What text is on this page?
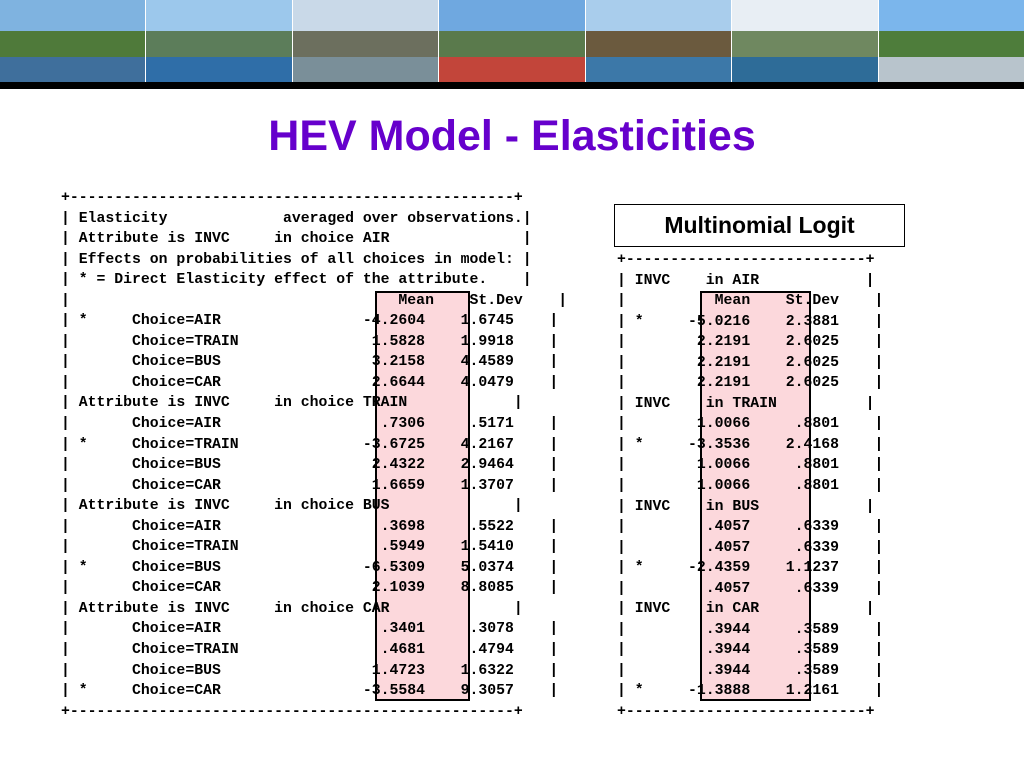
HEV Model - Elasticities
+--------------------------------------------------+
| Elasticity             averaged over observations.|
| Attribute is INVC     in choice AIR               |
| Effects on probabilities of all choices in model: |
| * = Direct Elasticity effect of the attribute.    |
|                                     Mean    St.Dev    |
| *     Choice=AIR                -4.2604    1.6745    |
|       Choice=TRAIN               1.5828    1.9918    |
|       Choice=BUS                 3.2158    4.4589    |
|       Choice=CAR                 2.6644    4.0479    |
| Attribute is INVC     in choice TRAIN            |
|       Choice=AIR                  .7306     .5171    |
| *     Choice=TRAIN              -3.6725    4.2167    |
|       Choice=BUS                 2.4322    2.9464    |
|       Choice=CAR                 1.6659    1.3707    |
| Attribute is INVC     in choice BUS              |
|       Choice=AIR                  .3698     .5522    |
|       Choice=TRAIN                .5949    1.5410    |
| *     Choice=BUS                -6.5309    5.0374    |
|       Choice=CAR                 2.1039    8.8085    |
| Attribute is INVC     in choice CAR              |
|       Choice=AIR                  .3401     .3078    |
|       Choice=TRAIN                .4681     .4794    |
|       Choice=BUS                 1.4723    1.6322    |
| *     Choice=CAR                -3.5584    9.3057    |
+--------------------------------------------------+

+---------------------------+
| INVC    in AIR            |
|          Mean    St.Dev    |
| *     -5.0216    2.3881    |
|        2.2191    2.6025    |
|        2.2191    2.6025    |
|        2.2191    2.6025    |
| INVC    in TRAIN          |
|        1.0066     .8801    |
| *     -3.3536    2.4168    |
|        1.0066     .8801    |
|        1.0066     .8801    |
| INVC    in BUS            |
|         .4057     .6339    |
|         .4057     .6339    |
| *     -2.4359    1.1237    |
|         .4057     .6339    |
| INVC    in CAR            |
|         .3944     .3589    |
|         .3944     .3589    |
|         .3944     .3589    |
| *     -1.3888    1.2161    |
+---------------------------+

Multinomial Logit
